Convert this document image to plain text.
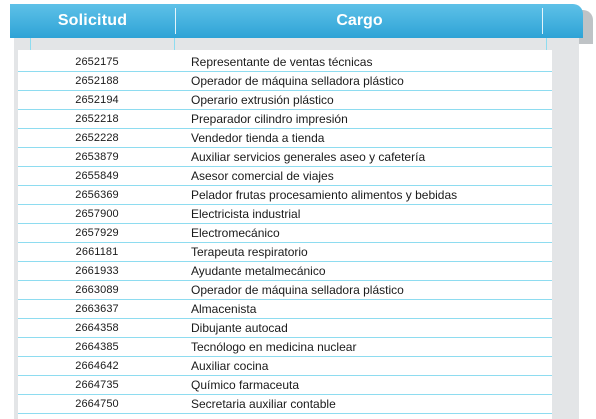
Solicitud	Cargo
2652175	Representante de ventas técnicas
2652188	Operador de máquina selladora plástico
2652194	Operario extrusión plástico
2652218	Preparador cilindro impresión
2652228	Vendedor tienda a tienda
2653879	Auxiliar servicios generales aseo y cafetería
2655849	Asesor comercial de viajes
2656369	Pelador frutas procesamiento alimentos y bebidas
2657900	Electricista industrial
2657929	Electromecánico
2661181	Terapeuta respiratorio
2661933	Ayudante metalmecánico
2663089	Operador de máquina selladora plástico
2663637	Almacenista
2664358	Dibujante autocad
2664385	Tecnólogo en medicina nuclear
2664642	Auxiliar cocina
2664735	Químico farmaceuta
2664750	Secretaria auxiliar contable
